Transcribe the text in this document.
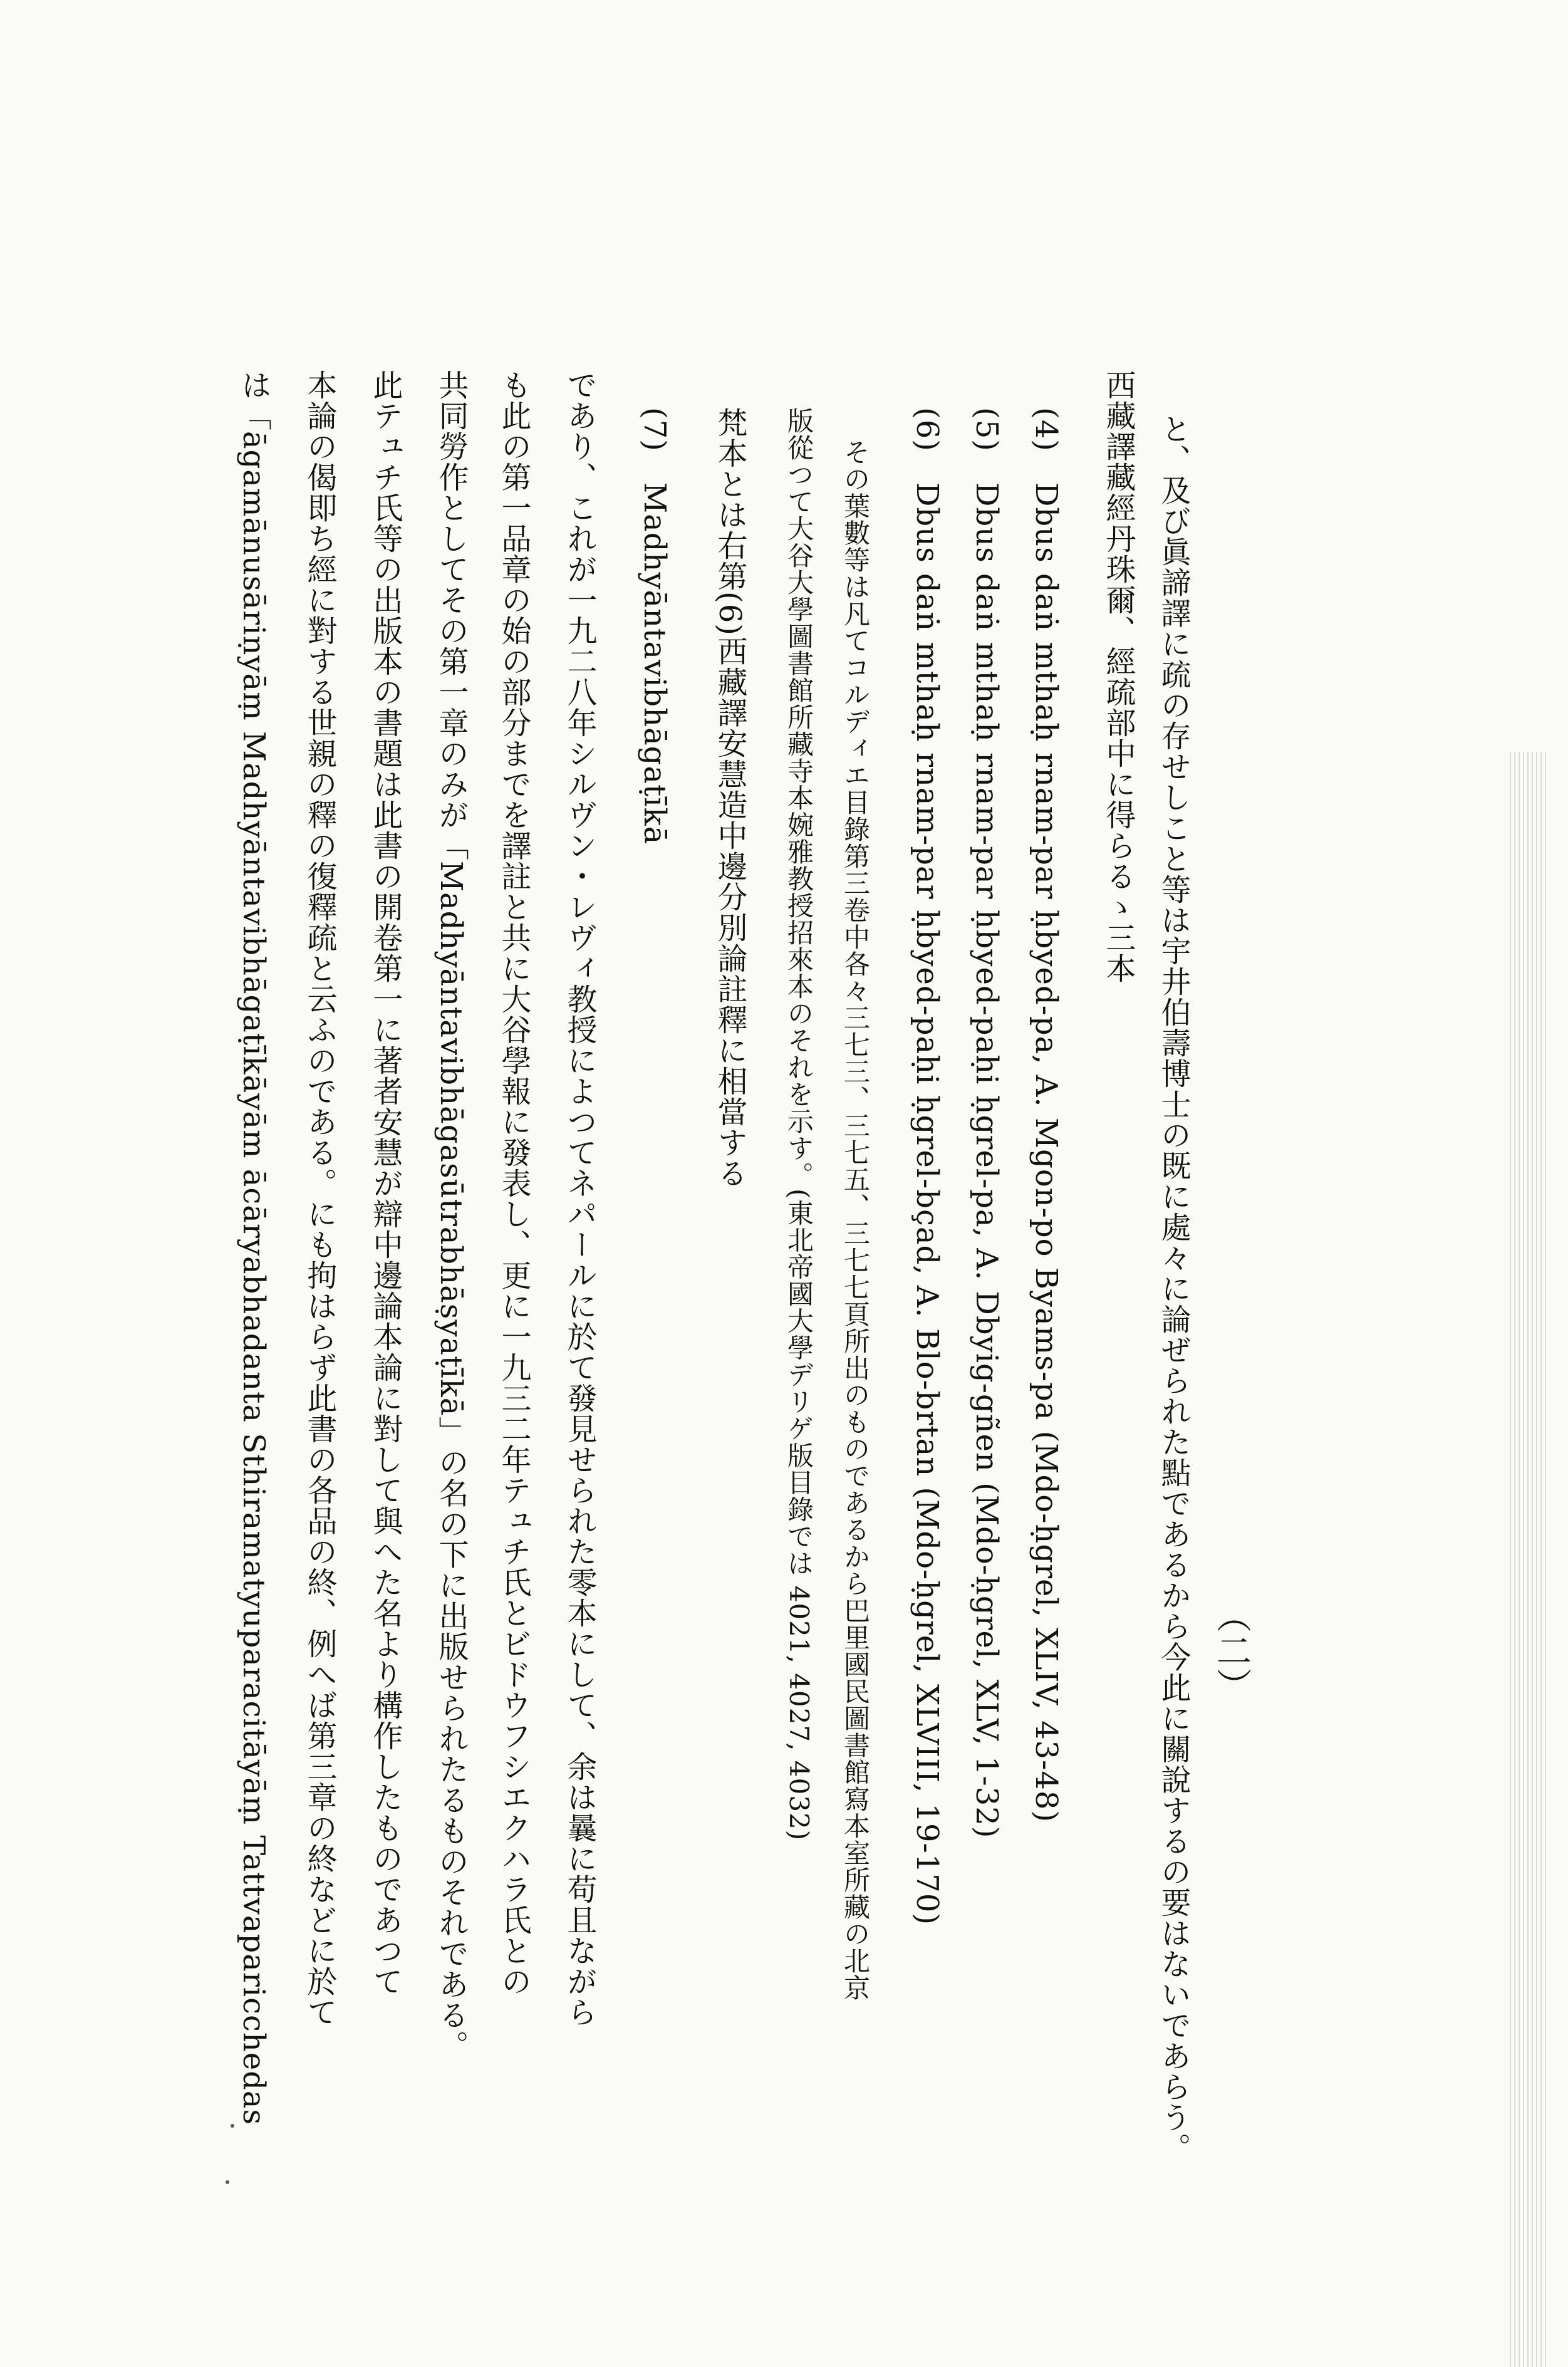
（二）
と、及び眞諦譯に疏の存せしこと等は宇井伯壽博士の既に處々に論ぜられた點であるから今此に關說するの要はないであらう。
西藏譯藏經丹珠爾、經疏部中に得らるゝ三本
(4)　Dbus daṅ mthaḥ rnam-par ḥbyed-pa, A. Mgon-po Byams-pa (Mdo-ḥgrel, XLIV, 43-48)
(5)　Dbus daṅ mthaḥ rnam-par ḥbyed-paḥi ḥgrel-pa, A. Dbyig-gñen (Mdo-ḥgrel, XLV, 1-32)
(6)　Dbus daṅ mthaḥ rnam-par ḥbyed-paḥi ḥgrel-bçad, A. Blo-brtan (Mdo-ḥgrel, XLVIII, 19-170)
その葉數等は凡てコルディエ目錄第三卷中各々三七三、三七五、三七七頁所出のものであるから巴里國民圖書館寫本室所藏の北京
版從つて大谷大學圖書館所藏寺本婉雅教授招來本のそれを示す。(東北帝國大學デリゲ版目錄では 4021, 4027, 4032)
梵本とは右第(6)西藏譯安慧造中邊分別論註釋に相當する
(7)　Madhyāntavibhāgaṭīkā
であり、これが一九二八年シルヴン・レヴィ教授によつてネパールに於て發見せられた零本にして、余は曩に苟且ながら
も此の第一品章の始の部分までを譯註と共に大谷學報に發表し、更に一九三二年テュチ氏とビドウフシエクハラ氏との
共同勞作としてその第一章のみが「Madhyāntavibhāgasūtrabhāṣyaṭīkā」の名の下に出版せられたるものそれである。
此テュチ氏等の出版本の書題は此書の開卷第一に著者安慧が辯中邊論本論に對して與へた名より構作したものであつて
本論の偈即ち經に對する世親の釋の復釋疏と云ふのである。にも拘はらず此書の各品の終、例へば第三章の終などに於て
は「āgamānusāriṇyāṃ Madhyāntavibhāgaṭīkāyām ācāryabhadanta Sthiramatyuparacitāyāṃ Tattvaparicchedas
